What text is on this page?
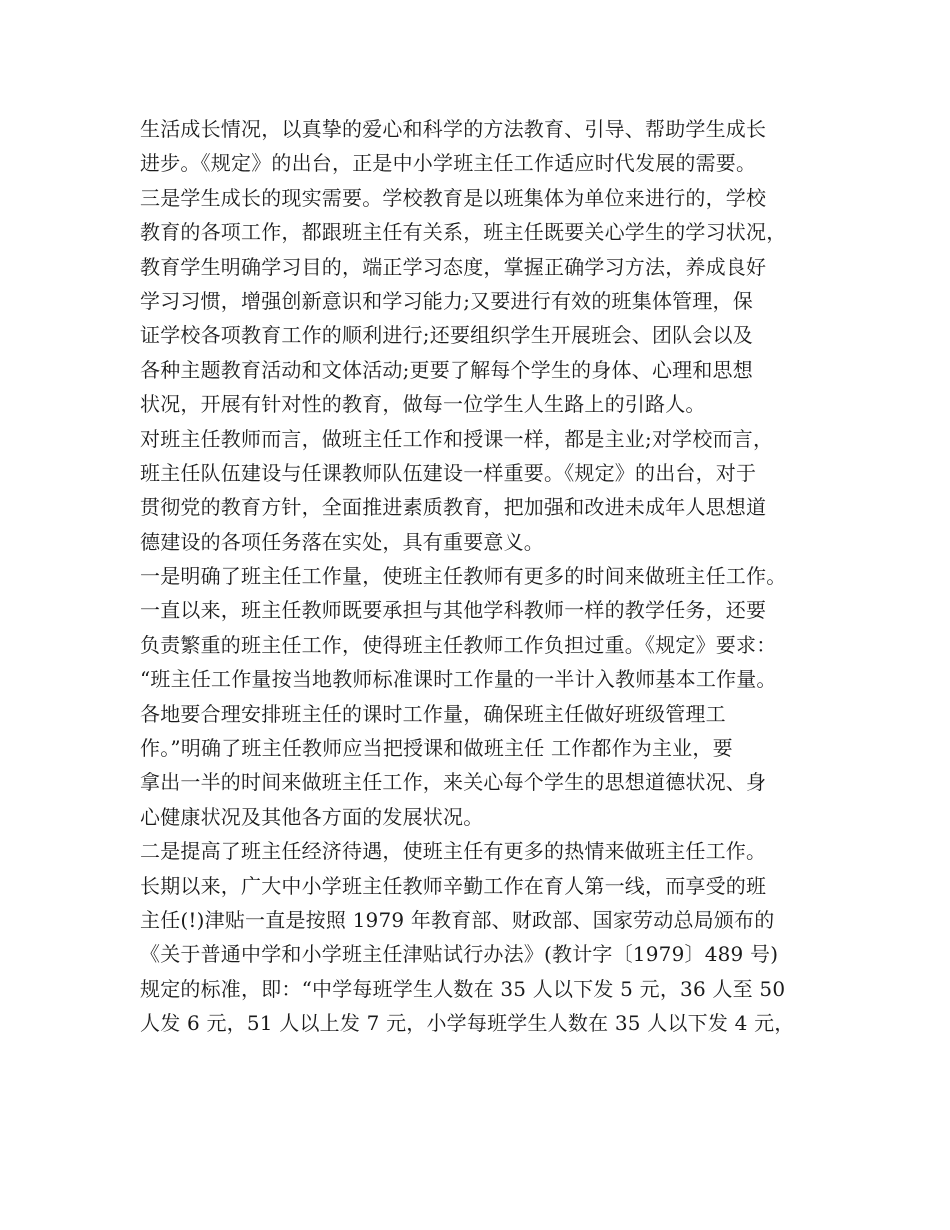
生活成长情况，以真挚的爱心和科学的方法教育、引导、帮助学生成长
进步。《规定》的出台，正是中小学班主任工作适应时代发展的需要。
三是学生成长的现实需要。学校教育是以班集体为单位来进行的，学校
教育的各项工作，都跟班主任有关系，班主任既要关心学生的学习状况，
教育学生明确学习目的，端正学习态度，掌握正确学习方法，养成良好
学习习惯，增强创新意识和学习能力;又要进行有效的班集体管理，保
证学校各项教育工作的顺利进行;还要组织学生开展班会、团队会以及
各种主题教育活动和文体活动;更要了解每个学生的身体、心理和思想
状况，开展有针对性的教育，做每一位学生人生路上的引路人。
对班主任教师而言，做班主任工作和授课一样，都是主业;对学校而言，
班主任队伍建设与任课教师队伍建设一样重要。《规定》的出台，对于
贯彻党的教育方针，全面推进素质教育，把加强和改进未成年人思想道
德建设的各项任务落在实处，具有重要意义。
一是明确了班主任工作量，使班主任教师有更多的时间来做班主任工作。
一直以来，班主任教师既要承担与其他学科教师一样的教学任务，还要
负责繁重的班主任工作，使得班主任教师工作负担过重。《规定》要求：
“班主任工作量按当地教师标准课时工作量的一半计入教师基本工作量。
各地要合理安排班主任的课时工作量，确保班主任做好班级管理工
作。”明确了班主任教师应当把授课和做班主任 工作都作为主业，要
拿出一半的时间来做班主任工作，来关心每个学生的思想道德状况、身
心健康状况及其他各方面的发展状况。
二是提高了班主任经济待遇，使班主任有更多的热情来做班主任工作。
长期以来，广大中小学班主任教师辛勤工作在育人第一线，而享受的班
主任(!)津贴一直是按照 1979 年教育部、财政部、国家劳动总局颁布的
《关于普通中学和小学班主任津贴试行办法》(教计字〔1979〕489 号)
规定的标准，即：“中学每班学生人数在 35 人以下发 5 元，36 人至 50
人发 6 元，51 人以上发 7 元，小学每班学生人数在 35 人以下发 4 元，
